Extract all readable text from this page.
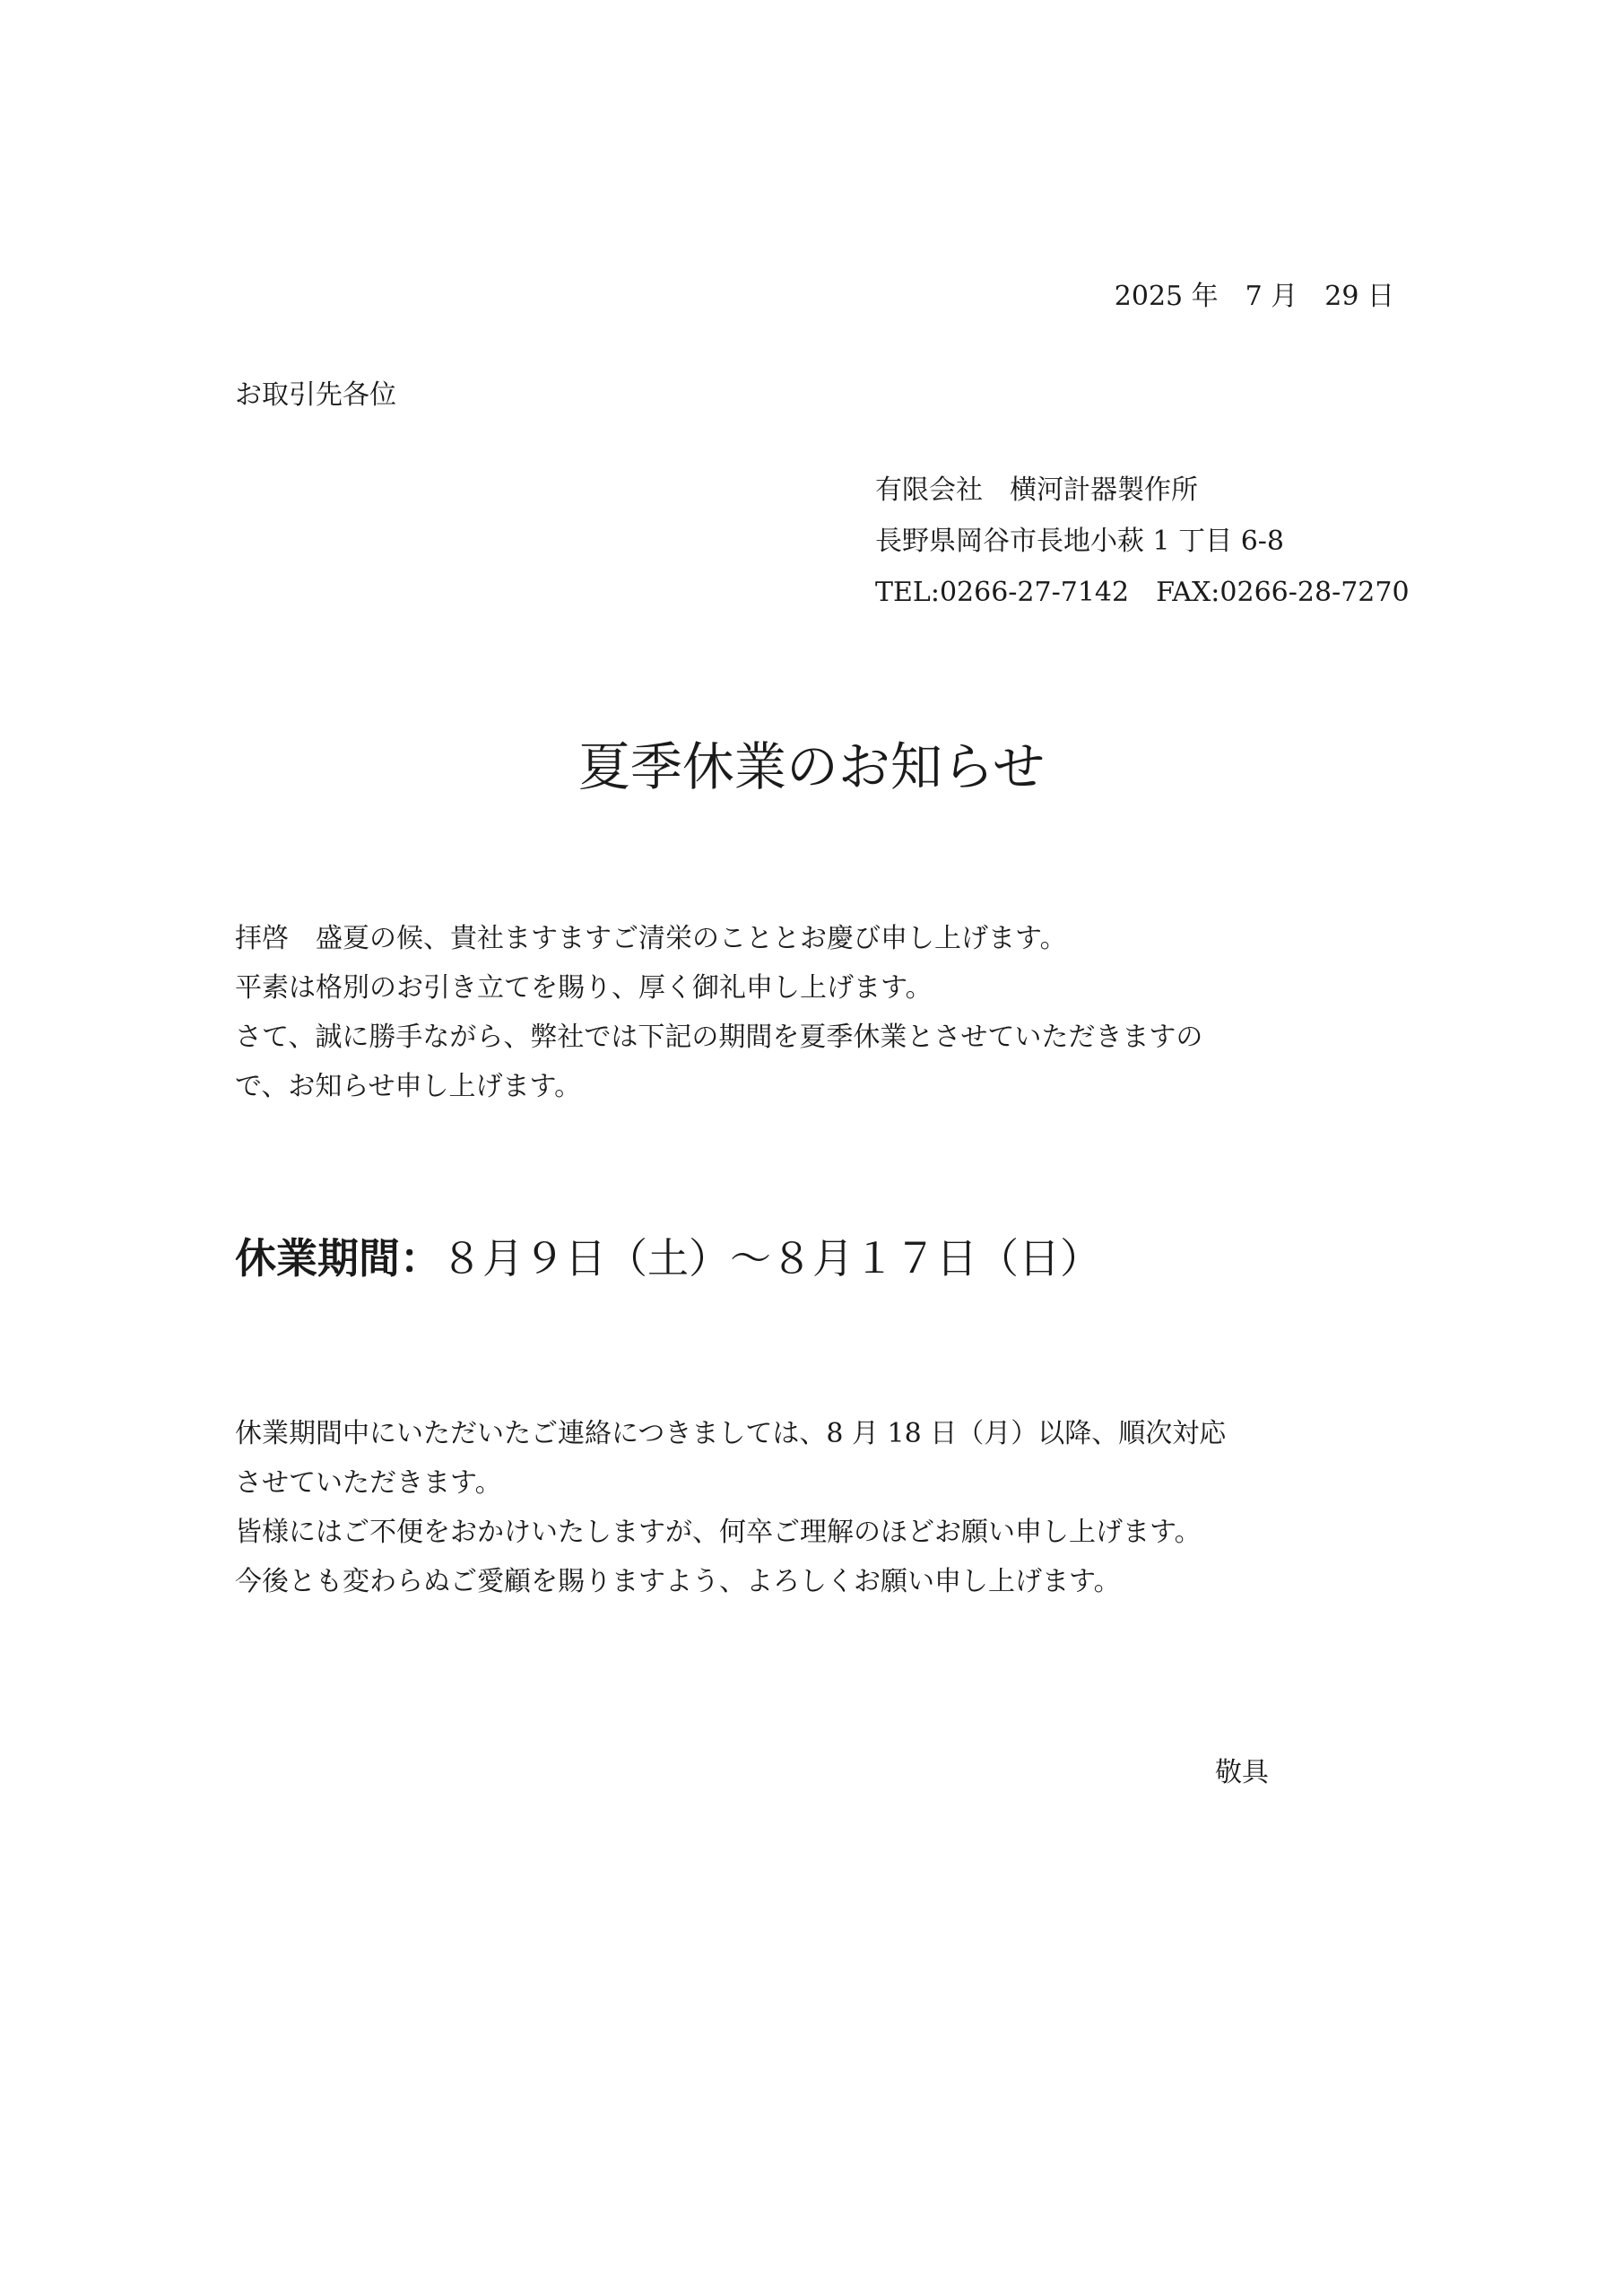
2025 年　7 月　29 日

お取引先各位

有限会社　横河計器製作所

長野県岡谷市長地小萩 1 丁目 6-8

TEL:0266-27-7142　FAX:0266-28-7270

夏季休業のお知らせ

拝啓　盛夏の候、貴社ますますご清栄のこととお慶び申し上げます。

平素は格別のお引き立てを賜り、厚く御礼申し上げます。

さて、誠に勝手ながら、弊社では下記の期間を夏季休業とさせていただきますの

で、お知らせ申し上げます。

休業期間：８月９日（土）～８月１７日（日）

休業期間中にいただいたご連絡につきましては、8 月 18 日（月）以降、順次対応

させていただきます。

皆様にはご不便をおかけいたしますが、何卒ご理解のほどお願い申し上げます。

今後とも変わらぬご愛顧を賜りますよう、よろしくお願い申し上げます。

敬具
